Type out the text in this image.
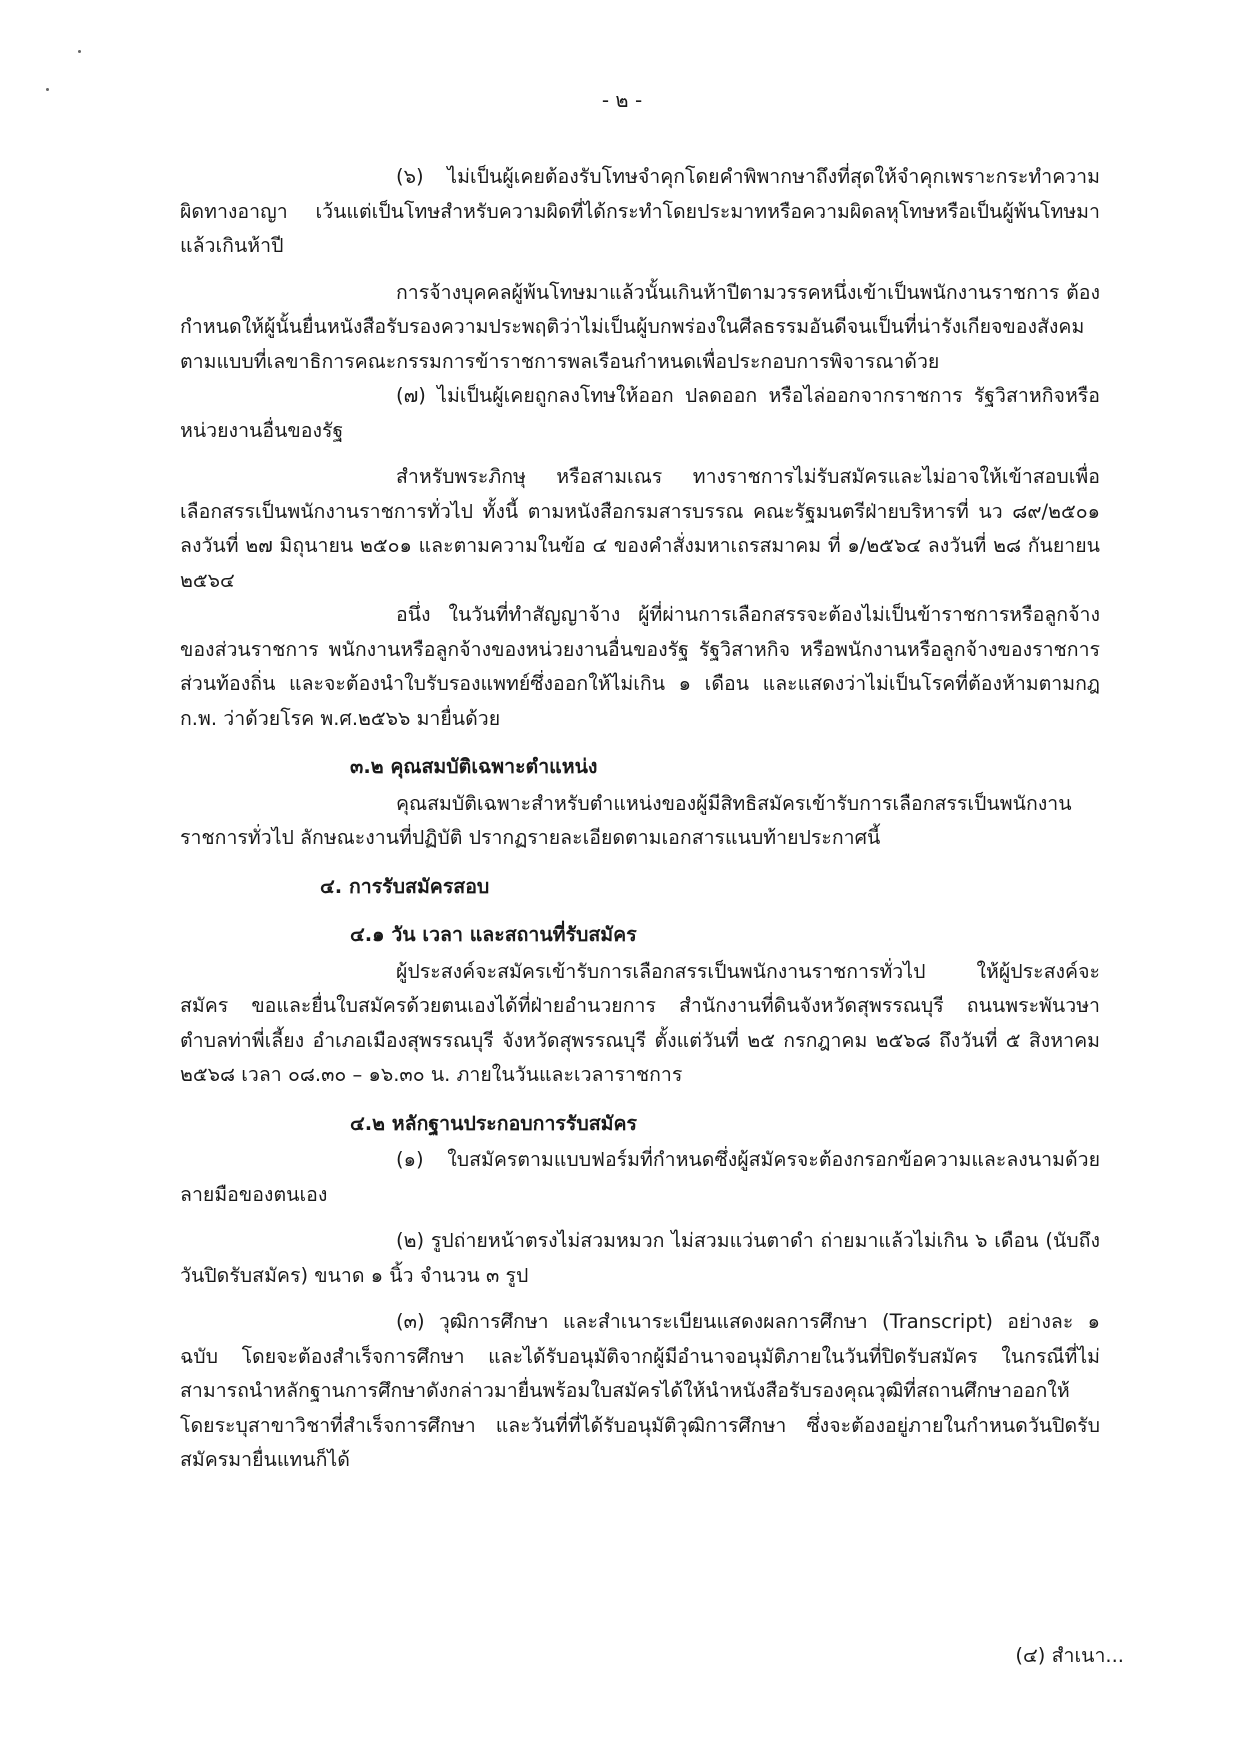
- ๒ -

(๖) ไม่เป็นผู้เคยต้องรับโทษจำคุกโดยคำพิพากษาถึงที่สุดให้จำคุกเพราะกระทำความผิดทางอาญา เว้นแต่เป็นโทษสำหรับความผิดที่ได้กระทำโดยประมาทหรือความผิดลหุโทษหรือเป็นผู้พ้นโทษมาแล้วเกินห้าปี

การจ้างบุคคลผู้พ้นโทษมาแล้วนั้นเกินห้าปีตามวรรคหนึ่งเข้าเป็นพนักงานราชการ ต้องกำหนดให้ผู้นั้นยื่นหนังสือรับรองความประพฤติว่าไม่เป็นผู้บกพร่องในศีลธรรมอันดีจนเป็นที่น่ารังเกียจของสังคม ตามแบบที่เลขาธิการคณะกรรมการข้าราชการพลเรือนกำหนดเพื่อประกอบการพิจารณาด้วย

(๗) ไม่เป็นผู้เคยถูกลงโทษให้ออก ปลดออก หรือไล่ออกจากราชการ รัฐวิสาหกิจหรือหน่วยงานอื่นของรัฐ

สำหรับพระภิกษุ หรือสามเณร ทางราชการไม่รับสมัครและไม่อาจให้เข้าสอบเพื่อเลือกสรรเป็นพนักงานราชการทั่วไป ทั้งนี้ ตามหนังสือกรมสารบรรณ คณะรัฐมนตรีฝ่ายบริหารที่ นว ๘๙/๒๕๐๑ ลงวันที่ ๒๗ มิถุนายน ๒๕๐๑ และตามความในข้อ ๔ ของคำสั่งมหาเถรสมาคม ที่ ๑/๒๕๖๔ ลงวันที่ ๒๘ กันยายน ๒๕๖๔

อนึ่ง ในวันที่ทำสัญญาจ้าง ผู้ที่ผ่านการเลือกสรรจะต้องไม่เป็นข้าราชการหรือลูกจ้างของส่วนราชการ พนักงานหรือลูกจ้างของหน่วยงานอื่นของรัฐ รัฐวิสาหกิจ หรือพนักงานหรือลูกจ้างของราชการส่วนท้องถิ่น และจะต้องนำใบรับรองแพทย์ซึ่งออกให้ไม่เกิน ๑ เดือน และแสดงว่าไม่เป็นโรคที่ต้องห้ามตามกฎ ก.พ. ว่าด้วยโรค พ.ศ.๒๕๖๖ มายื่นด้วย

๓.๒ คุณสมบัติเฉพาะตำแหน่ง

คุณสมบัติเฉพาะสำหรับตำแหน่งของผู้มีสิทธิสมัครเข้ารับการเลือกสรรเป็นพนักงานราชการทั่วไป ลักษณะงานที่ปฏิบัติ ปรากฏรายละเอียดตามเอกสารแนบท้ายประกาศนี้

๔. การรับสมัครสอบ
๔.๑ วัน เวลา และสถานที่รับสมัคร

ผู้ประสงค์จะสมัครเข้ารับการเลือกสรรเป็นพนักงานราชการทั่วไป ให้ผู้ประสงค์จะสมัคร ขอและยื่นใบสมัครด้วยตนเองได้ที่ฝ่ายอำนวยการ สำนักงานที่ดินจังหวัดสุพรรณบุรี ถนนพระพันวษา ตำบลท่าพี่เลี้ยง อำเภอเมืองสุพรรณบุรี จังหวัดสุพรรณบุรี ตั้งแต่วันที่ ๒๕ กรกฎาคม ๒๕๖๘ ถึงวันที่ ๕ สิงหาคม ๒๕๖๘ เวลา ๐๘.๓๐ – ๑๖.๓๐ น. ภายในวันและเวลาราชการ

๔.๒ หลักฐานประกอบการรับสมัคร

(๑) ใบสมัครตามแบบฟอร์มที่กำหนดซึ่งผู้สมัครจะต้องกรอกข้อความและลงนามด้วยลายมือของตนเอง

(๒) รูปถ่ายหน้าตรงไม่สวมหมวก ไม่สวมแว่นตาดำ ถ่ายมาแล้วไม่เกิน ๖ เดือน (นับถึงวันปิดรับสมัคร) ขนาด ๑ นิ้ว จำนวน ๓ รูป

(๓) วุฒิการศึกษา และสำเนาระเบียนแสดงผลการศึกษา (Transcript) อย่างละ ๑ ฉบับ โดยจะต้องสำเร็จการศึกษา และได้รับอนุมัติจากผู้มีอำนาจอนุมัติภายในวันที่ปิดรับสมัคร ในกรณีที่ไม่สามารถนำหลักฐานการศึกษาดังกล่าวมายื่นพร้อมใบสมัครได้ให้นำหนังสือรับรองคุณวุฒิที่สถานศึกษาออกให้ โดยระบุสาขาวิชาที่สำเร็จการศึกษา และวันที่ที่ได้รับอนุมัติวุฒิการศึกษา ซึ่งจะต้องอยู่ภายในกำหนดวันปิดรับสมัครมายื่นแทนก็ได้

(๔) สำเนา...
